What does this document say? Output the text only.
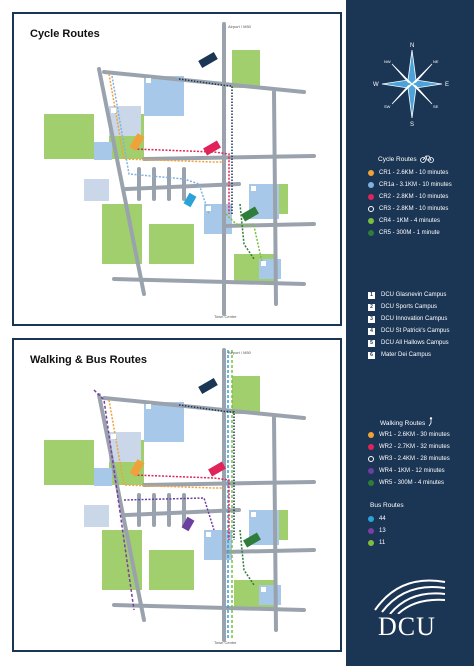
Airport / M50
Town Centre
Cycle Routes
Airport / M50
Town Centre
Walking & Bus Routes
N
NE
E
SE
S
SW
W
NW
Cycle Routes
CR1 - 2.6KM - 10 minutes
CR1a - 3.1KM - 10 minutes
CR2 - 2.8KM - 10 minutes
CR3 - 2.8KM - 10 minutes
CR4 - 1KM - 4 minutes
CR5 - 300M - 1 minute
1	DCU Glasnevin Campus
2	DCU Sports Campus
3	DCU Innovation Campus
4	DCU St Patrick's Campus
5	DCU All Hallows Campus
6	Mater Dei Campus
Walking Routes
WR1 - 2.6KM - 30 minutes
WR2 - 2.7KM - 32 minutes
WR3 - 2.4KM - 28 minutes
WR4 - 1KM - 12 minutes
WR5 - 300M - 4 minutes
Bus Routes
44
13
11
DCU
